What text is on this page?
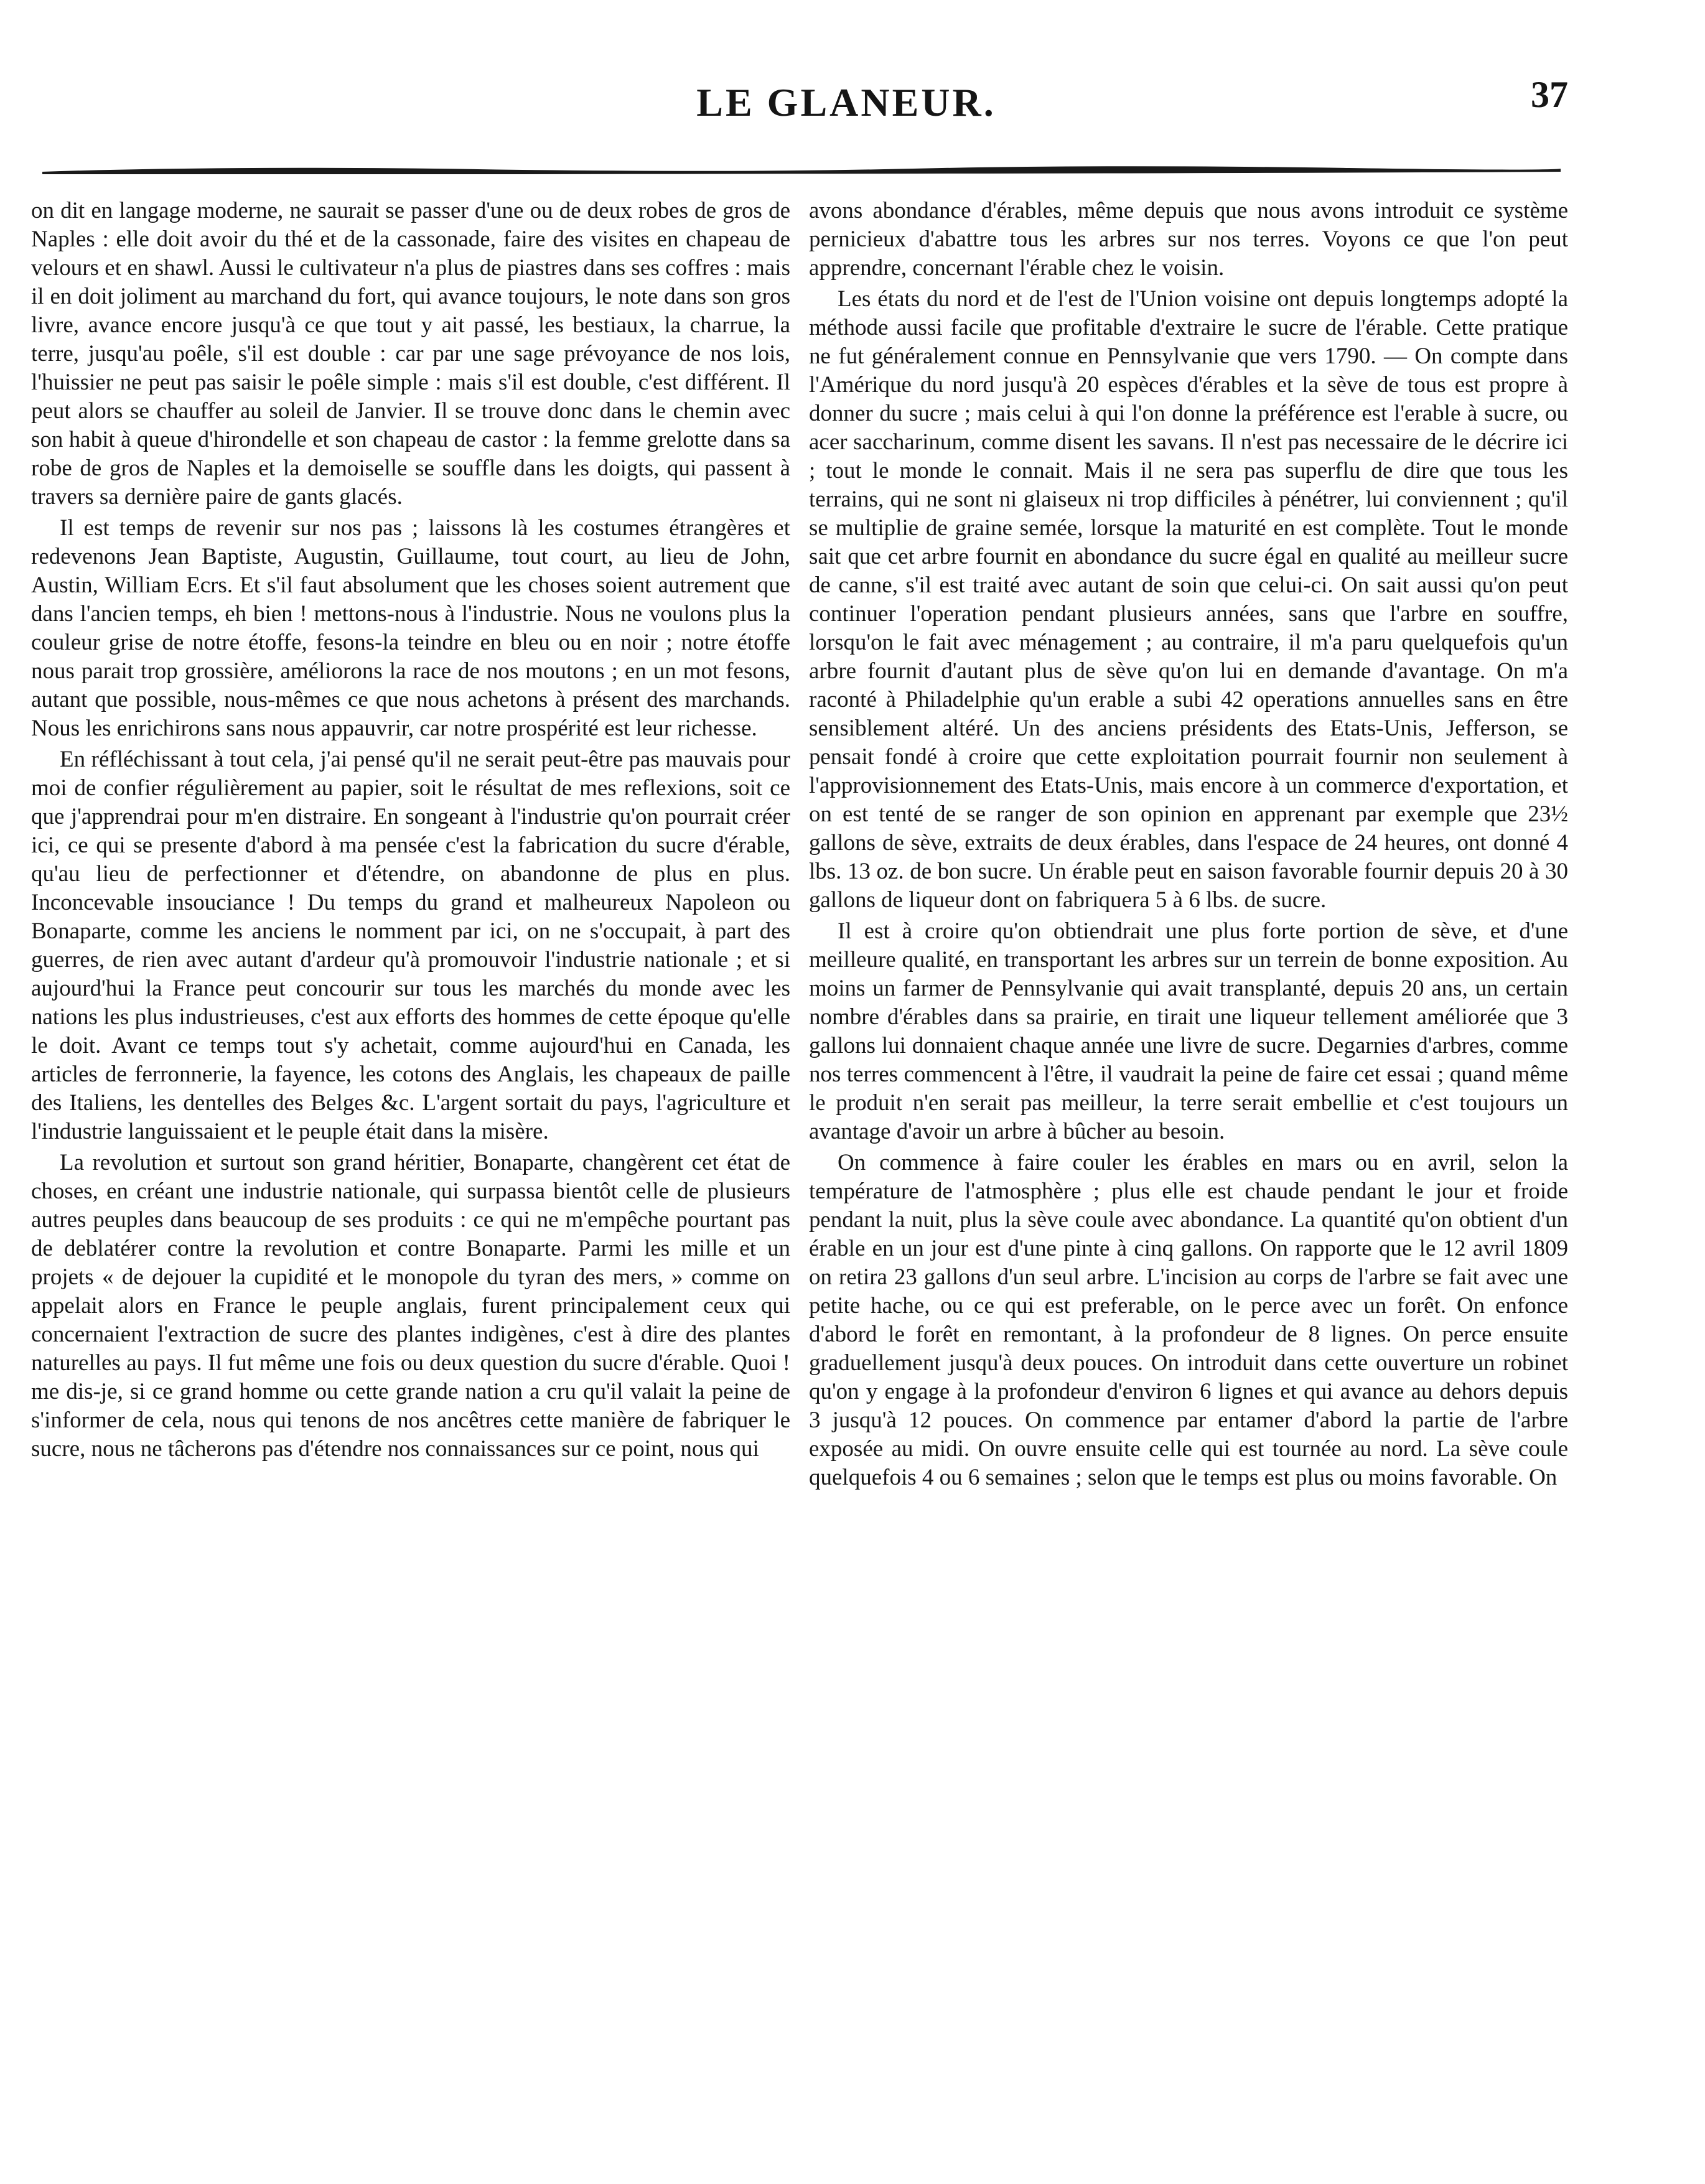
LE GLANEUR.	37

on dit en langage moderne, ne saurait se passer d'une ou de deux robes de gros de Naples : elle doit avoir du thé et de la cassonade, faire des visites en chapeau de velours et en shawl. Aussi le cultivateur n'a plus de piastres dans ses coffres : mais il en doit joliment au marchand du fort, qui avance toujours, le note dans son gros livre, avance encore jusqu'à ce que tout y ait passé, les bestiaux, la charrue, la terre, jusqu'au poêle, s'il est double : car par une sage prévoyance de nos lois, l'huissier ne peut pas saisir le poêle simple : mais s'il est double, c'est différent. Il peut alors se chauffer au soleil de Janvier. Il se trouve donc dans le chemin avec son habit à queue d'hirondelle et son chapeau de castor : la femme grelotte dans sa robe de gros de Naples et la demoiselle se souffle dans les doigts, qui passent à travers sa dernière paire de gants glacés.

Il est temps de revenir sur nos pas ; laissons là les costumes étrangères et redevenons Jean Baptiste, Augustin, Guillaume, tout court, au lieu de John, Austin, William Ecrs. Et s'il faut absolument que les choses soient autrement que dans l'ancien temps, eh bien ! mettons-nous à l'industrie. Nous ne voulons plus la couleur grise de notre étoffe, fesons-la teindre en bleu ou en noir ; notre étoffe nous parait trop grossière, améliorons la race de nos moutons ; en un mot fesons, autant que possible, nous-mêmes ce que nous achetons à présent des marchands. Nous les enrichirons sans nous appauvrir, car notre prospérité est leur richesse.

En réfléchissant à tout cela, j'ai pensé qu'il ne serait peut-être pas mauvais pour moi de confier régulièrement au papier, soit le résultat de mes reflexions, soit ce que j'apprendrai pour m'en distraire. En songeant à l'industrie qu'on pourrait créer ici, ce qui se presente d'abord à ma pensée c'est la fabrication du sucre d'érable, qu'au lieu de perfectionner et d'étendre, on abandonne de plus en plus. Inconcevable insouciance ! Du temps du grand et malheureux Napoleon ou Bonaparte, comme les anciens le nomment par ici, on ne s'occupait, à part des guerres, de rien avec autant d'ardeur qu'à promouvoir l'industrie nationale ; et si aujourd'hui la France peut concourir sur tous les marchés du monde avec les nations les plus industrieuses, c'est aux efforts des hommes de cette époque qu'elle le doit. Avant ce temps tout s'y achetait, comme aujourd'hui en Canada, les articles de ferronnerie, la fayence, les cotons des Anglais, les chapeaux de paille des Italiens, les dentelles des Belges &c. L'argent sortait du pays, l'agriculture et l'industrie languissaient et le peuple était dans la misère.

La revolution et surtout son grand héritier, Bonaparte, changèrent cet état de choses, en créant une industrie nationale, qui surpassa bientôt celle de plusieurs autres peuples dans beaucoup de ses produits : ce qui ne m'empêche pourtant pas de deblatérer contre la revolution et contre Bonaparte. Parmi les mille et un projets « de dejouer la cupidité et le monopole du tyran des mers, » comme on appelait alors en France le peuple anglais, furent principalement ceux qui concernaient l'extraction de sucre des plantes indigènes, c'est à dire des plantes naturelles au pays. Il fut même une fois ou deux question du sucre d'érable. Quoi ! me dis-je, si ce grand homme ou cette grande nation a cru qu'il valait la peine de s'informer de cela, nous qui tenons de nos ancêtres cette manière de fabriquer le sucre, nous ne tâcherons pas d'étendre nos connaissances sur ce point, nous qui

avons abondance d'érables, même depuis que nous avons introduit ce système pernicieux d'abattre tous les arbres sur nos terres. Voyons ce que l'on peut apprendre, concernant l'érable chez le voisin.

Les états du nord et de l'est de l'Union voisine ont depuis longtemps adopté la méthode aussi facile que profitable d'extraire le sucre de l'érable. Cette pratique ne fut généralement connue en Pennsylvanie que vers 1790. — On compte dans l'Amérique du nord jusqu'à 20 espèces d'érables et la sève de tous est propre à donner du sucre ; mais celui à qui l'on donne la préférence est l'erable à sucre, ou acer saccharinum, comme disent les savans. Il n'est pas necessaire de le décrire ici ; tout le monde le connait. Mais il ne sera pas superflu de dire que tous les terrains, qui ne sont ni glaiseux ni trop difficiles à pénétrer, lui conviennent ; qu'il se multiplie de graine semée, lorsque la maturité en est complète. Tout le monde sait que cet arbre fournit en abondance du sucre égal en qualité au meilleur sucre de canne, s'il est traité avec autant de soin que celui-ci. On sait aussi qu'on peut continuer l'operation pendant plusieurs années, sans que l'arbre en souffre, lorsqu'on le fait avec ménagement ; au contraire, il m'a paru quelquefois qu'un arbre fournit d'autant plus de sève qu'on lui en demande d'avantage. On m'a raconté à Philadelphie qu'un erable a subi 42 operations annuelles sans en être sensiblement altéré. Un des anciens présidents des Etats-Unis, Jefferson, se pensait fondé à croire que cette exploitation pourrait fournir non seulement à l'approvisionnement des Etats-Unis, mais encore à un commerce d'exportation, et on est tenté de se ranger de son opinion en apprenant par exemple que 23½ gallons de sève, extraits de deux érables, dans l'espace de 24 heures, ont donné 4 lbs. 13 oz. de bon sucre. Un érable peut en saison favorable fournir depuis 20 à 30 gallons de liqueur dont on fabriquera 5 à 6 lbs. de sucre.

Il est à croire qu'on obtiendrait une plus forte portion de sève, et d'une meilleure qualité, en transportant les arbres sur un terrein de bonne exposition. Au moins un farmer de Pennsylvanie qui avait transplanté, depuis 20 ans, un certain nombre d'érables dans sa prairie, en tirait une liqueur tellement améliorée que 3 gallons lui donnaient chaque année une livre de sucre. Degarnies d'arbres, comme nos terres commencent à l'être, il vaudrait la peine de faire cet essai ; quand même le produit n'en serait pas meilleur, la terre serait embellie et c'est toujours un avantage d'avoir un arbre à bûcher au besoin.

On commence à faire couler les érables en mars ou en avril, selon la température de l'atmosphère ; plus elle est chaude pendant le jour et froide pendant la nuit, plus la sève coule avec abondance. La quantité qu'on obtient d'un érable en un jour est d'une pinte à cinq gallons. On rapporte que le 12 avril 1809 on retira 23 gallons d'un seul arbre. L'incision au corps de l'arbre se fait avec une petite hache, ou ce qui est preferable, on le perce avec un forêt. On enfonce d'abord le forêt en remontant, à la profondeur de 8 lignes. On perce ensuite graduellement jusqu'à deux pouces. On introduit dans cette ouverture un robinet qu'on y engage à la profondeur d'environ 6 lignes et qui avance au dehors depuis 3 jusqu'à 12 pouces. On commence par entamer d'abord la partie de l'arbre exposée au midi. On ouvre ensuite celle qui est tournée au nord. La sève coule quelquefois 4 ou 6 semaines ; selon que le temps est plus ou moins favorable. On
